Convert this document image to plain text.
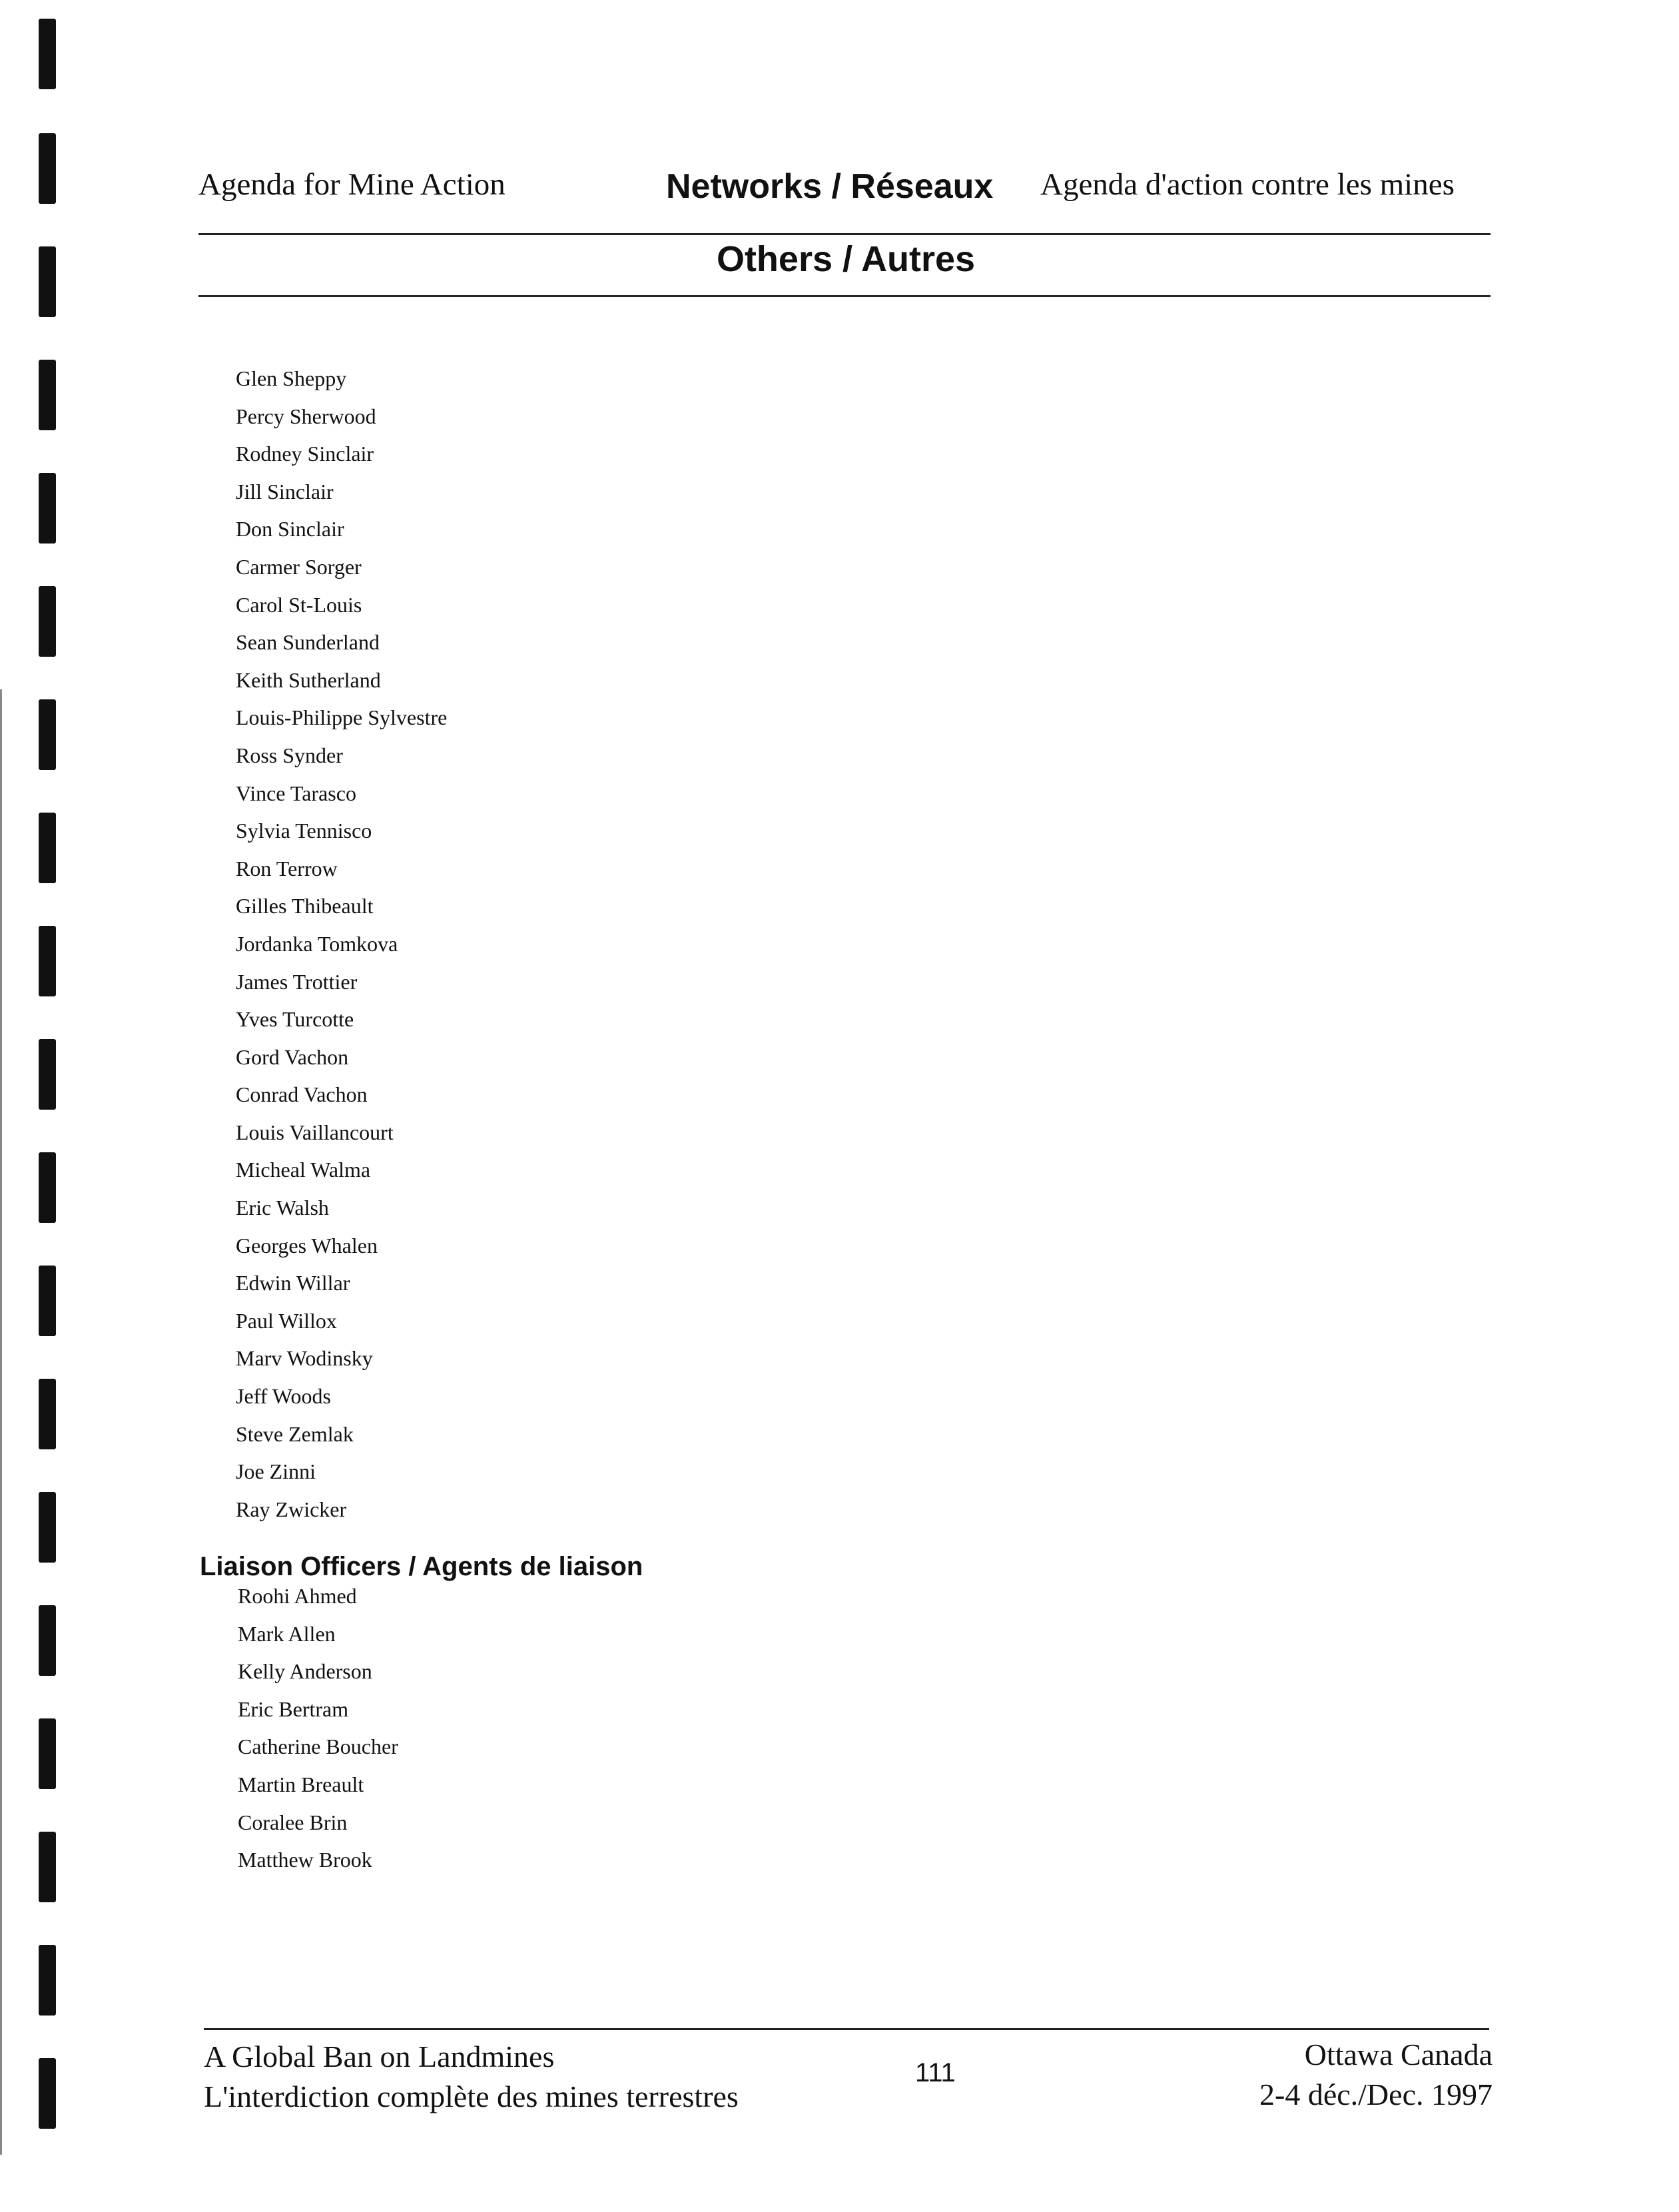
Agenda for Mine Action	Networks / Réseaux Agenda d'action contre les mines
Others / Autres
Glen Sheppy
Percy Sherwood
Rodney Sinclair
Jill Sinclair
Don Sinclair
Carmer Sorger
Carol St-Louis
Sean Sunderland
Keith Sutherland
Louis-Philippe Sylvestre
Ross Synder
Vince Tarasco
Sylvia Tennisco
Ron Terrow
Gilles Thibeault
Jordanka Tomkova
James Trottier
Yves Turcotte
Gord Vachon
Conrad Vachon
Louis Vaillancourt
Micheal Walma
Eric Walsh
Georges Whalen
Edwin Willar
Paul Willox
Marv Wodinsky
Jeff Woods
Steve Zemlak
Joe Zinni
Ray Zwicker
Liaison Officers / Agents de liaison
Roohi Ahmed
Mark Allen
Kelly Anderson
Eric Bertram
Catherine Boucher
Martin Breault
Coralee Brin
Matthew Brook
A Global Ban on Landmines
L'interdiction complète des mines terrestres
111
Ottawa Canada
2-4 déc./Dec. 1997
